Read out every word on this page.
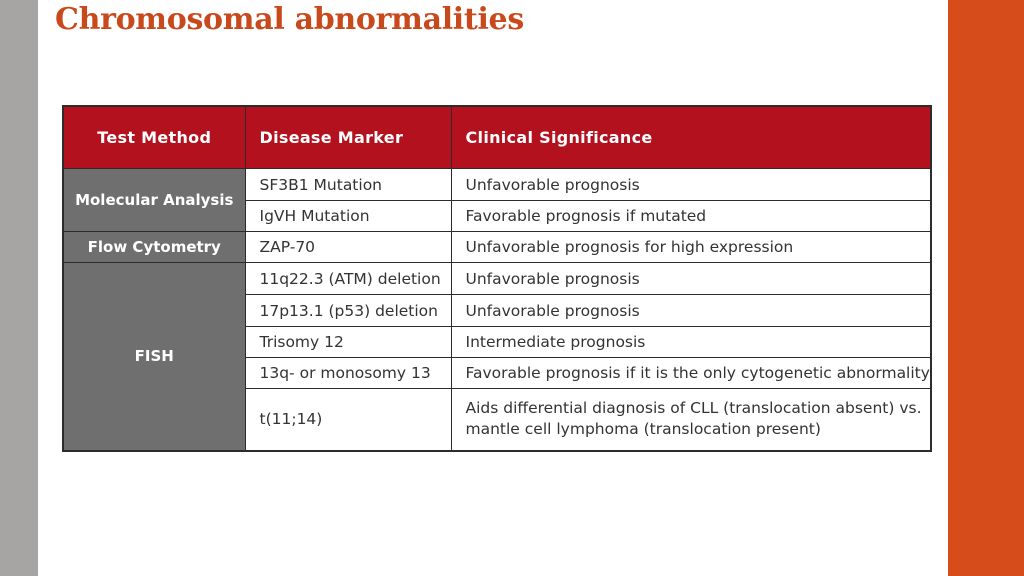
Chromosomal abnormalities
Test Method	Disease Marker	Clinical Significance
Molecular Analysis	SF3B1 Mutation	Unfavorable prognosis
	IgVH Mutation	Favorable prognosis if mutated
Flow Cytometry	ZAP-70	Unfavorable prognosis for high expression
FISH	11q22.3 (ATM) deletion	Unfavorable prognosis
	17p13.1 (p53) deletion	Unfavorable prognosis
	Trisomy 12	Intermediate prognosis
	13q- or monosomy 13	Favorable prognosis if it is the only cytogenetic abnormality
	t(11;14)	Aids differential diagnosis of CLL (translocation absent) vs.
mantle cell lymphoma (translocation present)
